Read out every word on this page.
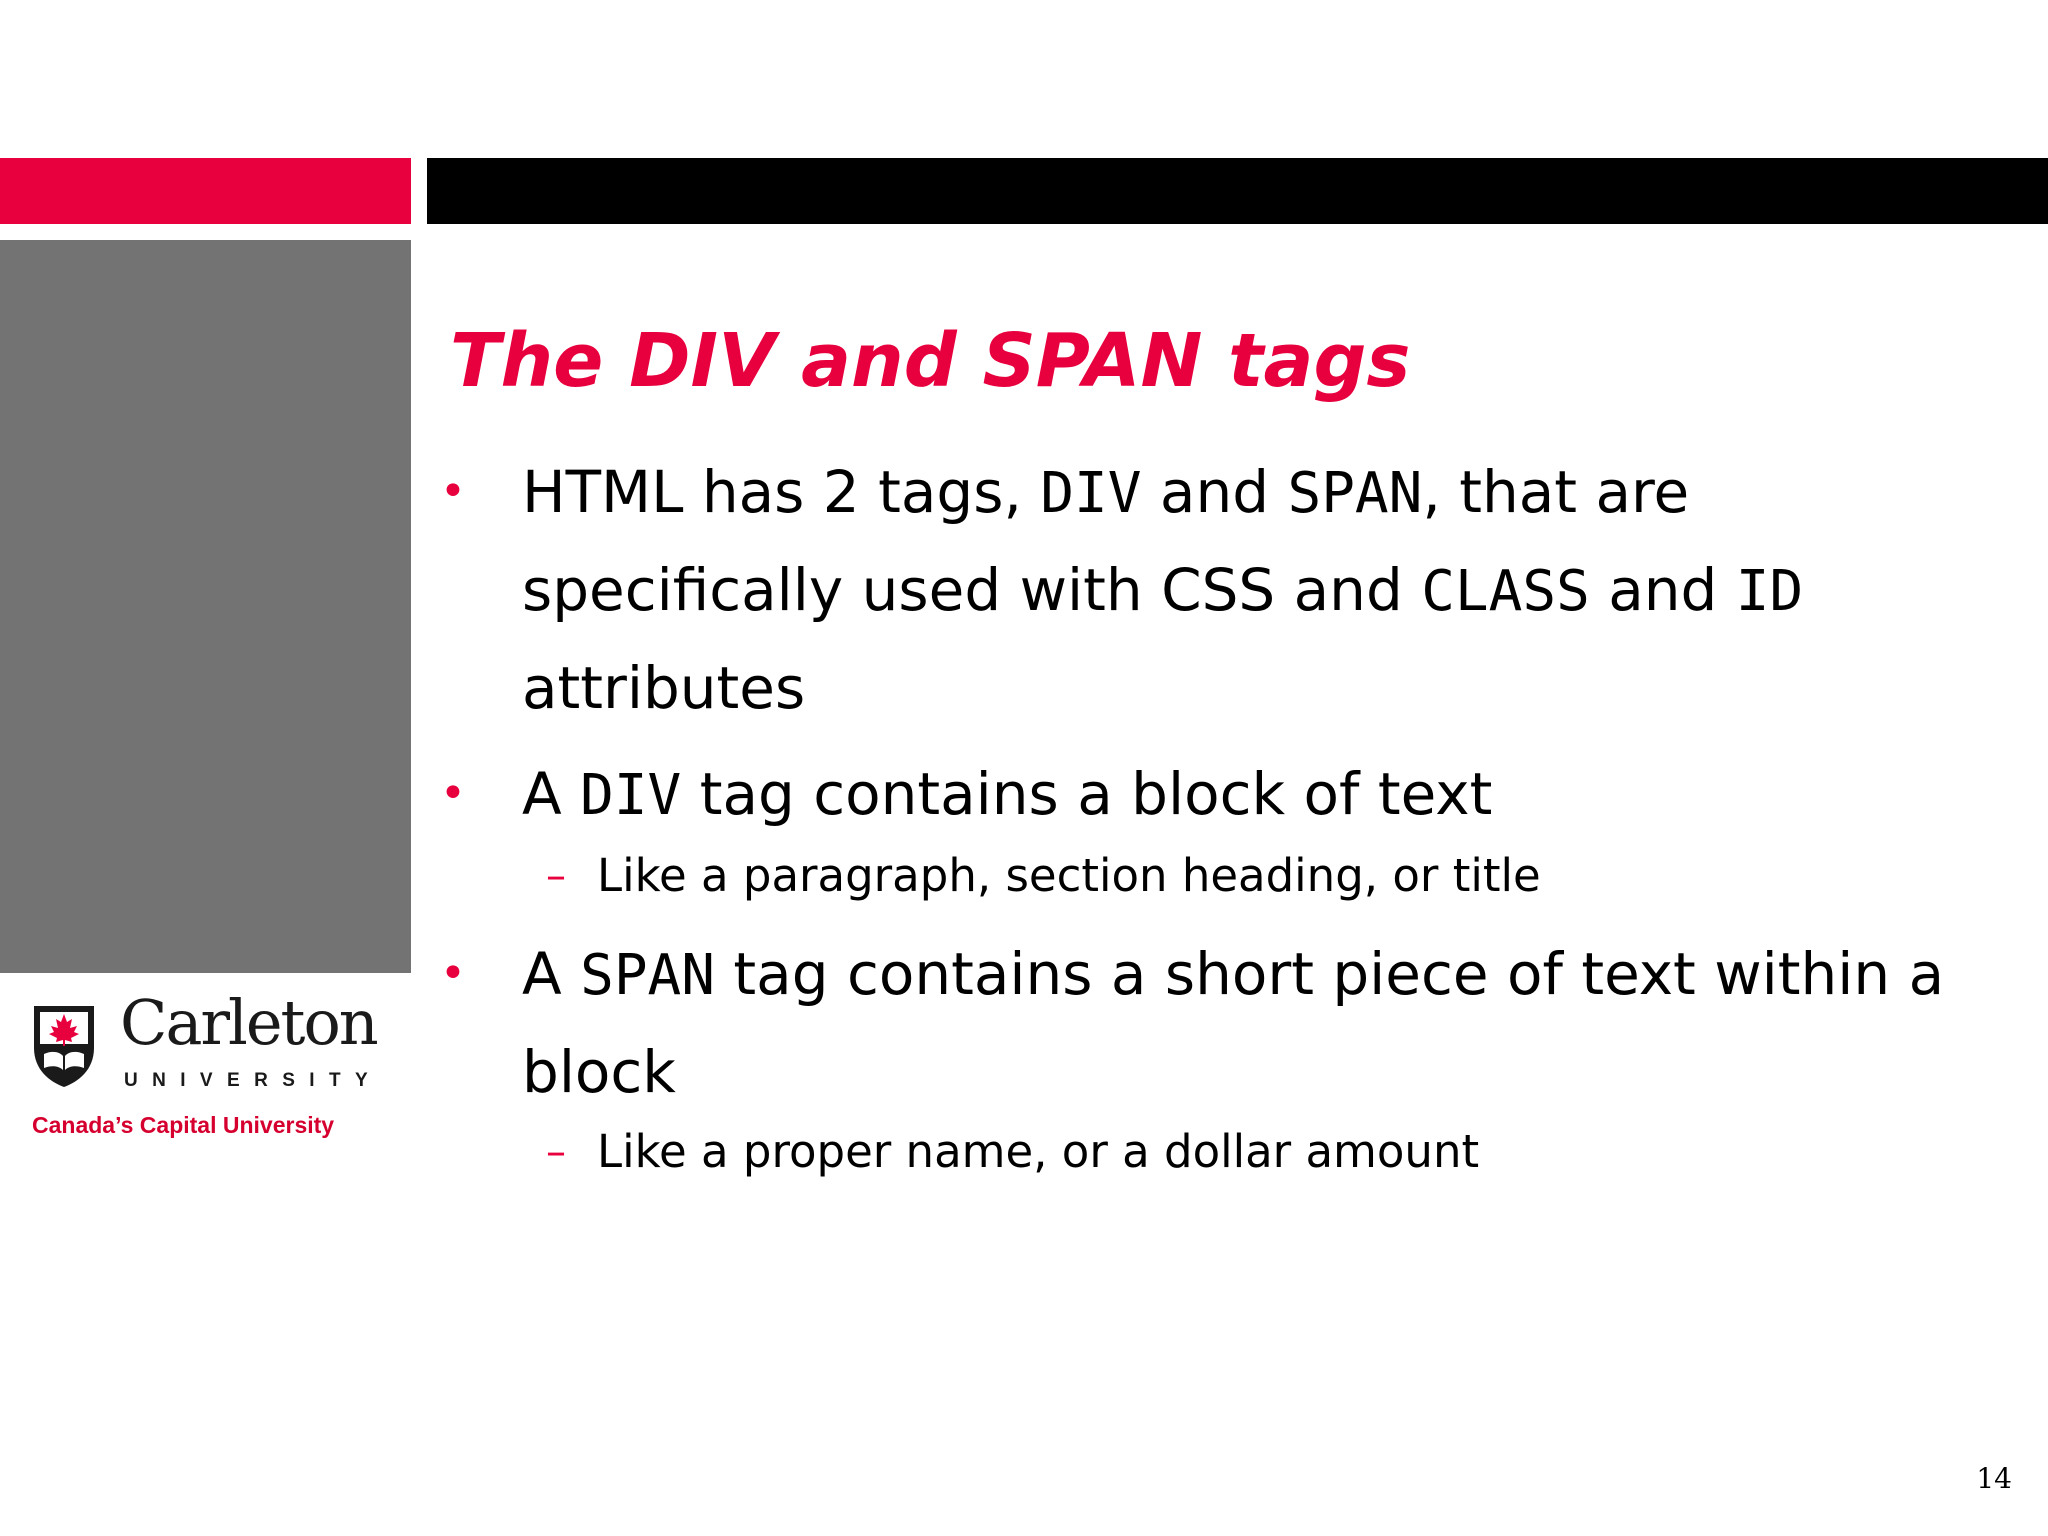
Carleton
UNIVERSITY
Canada’s Capital University
The DIV and SPAN tags
• HTML has 2 tags, DIV and SPAN, that are specifically used with CSS and CLASS and ID attributes
• A DIV tag contains a block of text
– Like a paragraph, section heading, or title
• A SPAN tag contains a short piece of text within a block
– Like a proper name, or a dollar amount
14
